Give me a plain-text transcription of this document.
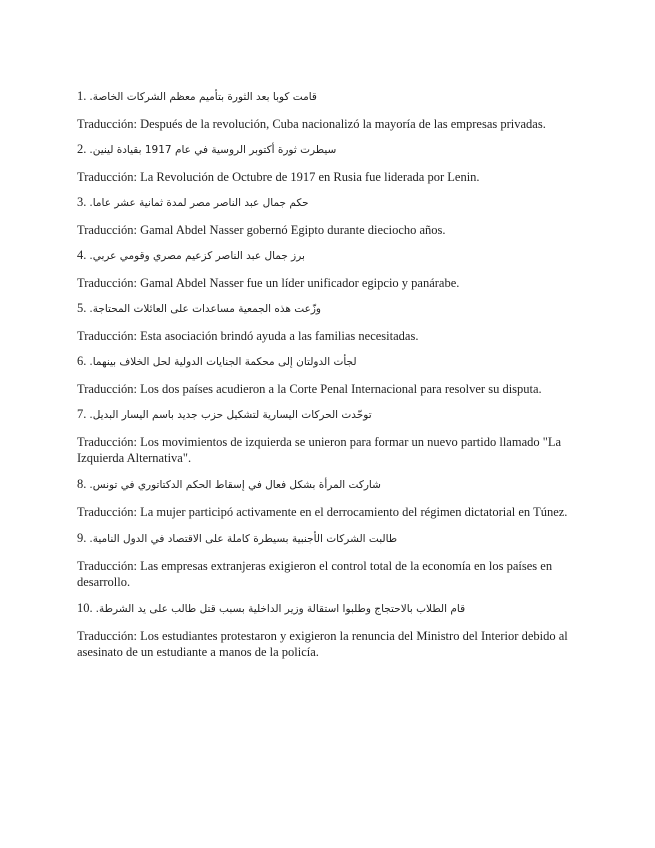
1. قامت كوبا بعد الثورة بتأميم معظم الشركات الخاصة.
Traducción: Después de la revolución, Cuba nacionalizó la mayoría de las empresas privadas.
2. سيطرت ثورة أكتوبر الروسية في عام 1917 بقيادة لينين.
Traducción: La Revolución de Octubre de 1917 en Rusia fue liderada por Lenin.
3. حكم جمال عبد الناصر مصر لمدة ثمانية عشر عاما.
Traducción: Gamal Abdel Nasser gobernó Egipto durante dieciocho años.
4. برز جمال عبد الناصر كزعيم مصري وقومي عربي.
Traducción: Gamal Abdel Nasser fue un líder unificador egipcio y panárabe.
5. وزّعت هذه الجمعية مساعدات على العائلات المحتاجة.
Traducción: Esta asociación brindó ayuda a las familias necesitadas.
6. لجأت الدولتان إلى محكمة الجنايات الدولية لحل الخلاف بينهما.
Traducción: Los dos países acudieron a la Corte Penal Internacional para resolver su disputa.
7. توحّدت الحركات اليسارية لتشكيل حزب جديد باسم اليسار البديل.
Traducción: Los movimientos de izquierda se unieron para formar un nuevo partido llamado "La Izquierda Alternativa".
8. شاركت المرأة بشكل فعال في إسقاط الحكم الدكتاتوري في تونس.
Traducción: La mujer participó activamente en el derrocamiento del régimen dictatorial en Túnez.
9. طالبت الشركات الأجنبية بسيطرة كاملة على الاقتصاد في الدول النامية.
Traducción: Las empresas extranjeras exigieron el control total de la economía en los países en desarrollo.
10. قام الطلاب بالاحتجاج وطلبوا استقالة وزير الداخلية بسبب قتل طالب على يد الشرطة.
Traducción: Los estudiantes protestaron y exigieron la renuncia del Ministro del Interior debido al asesinato de un estudiante a manos de la policía.
